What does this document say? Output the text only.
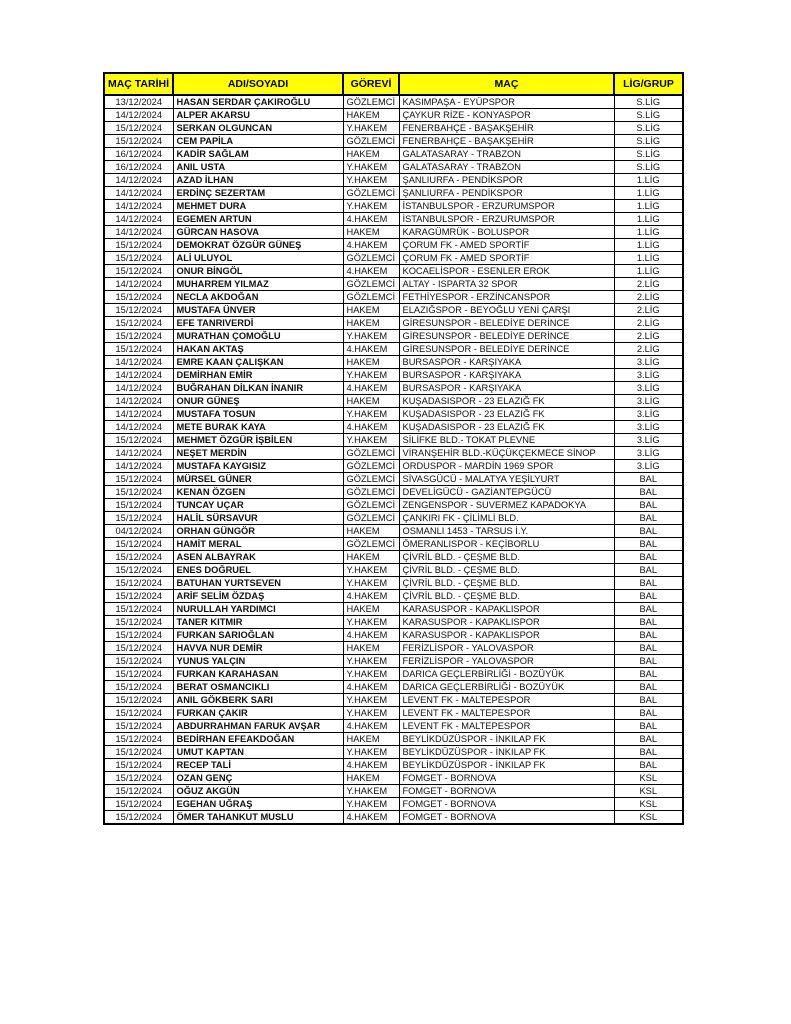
MAÇ TARİHİ	ADI/SOYADI	GÖREVİ	MAÇ	LİG/GRUP
13/12/2024	HASAN SERDAR ÇAKIROĞLU	GÖZLEMCİ	KASIMPAŞA - EYÜPSPOR	S.LİG
14/12/2024	ALPER AKARSU	HAKEM	ÇAYKUR RİZE - KONYASPOR	S.LİG
15/12/2024	SERKAN OLGUNCAN	Y.HAKEM	FENERBAHÇE - BAŞAKŞEHİR	S.LİG
15/12/2024	CEM PAPİLA	GÖZLEMCİ	FENERBAHÇE - BAŞAKŞEHİR	S.LİG
16/12/2024	KADİR SAĞLAM	HAKEM	GALATASARAY - TRABZON	S.LİG
16/12/2024	ANIL USTA	Y.HAKEM	GALATASARAY - TRABZON	S.LİG
14/12/2024	AZAD İLHAN	Y.HAKEM	ŞANLIURFA - PENDİKSPOR	1.LİG
14/12/2024	ERDİNÇ SEZERTAM	GÖZLEMCİ	ŞANLIURFA - PENDİKSPOR	1.LİG
14/12/2024	MEHMET DURA	Y.HAKEM	İSTANBULSPOR - ERZURUMSPOR	1.LİG
14/12/2024	EGEMEN ARTUN	4.HAKEM	İSTANBULSPOR - ERZURUMSPOR	1.LİG
14/12/2024	GÜRCAN HASOVA	HAKEM	KARAGÜMRÜK - BOLUSPOR	1.LİG
15/12/2024	DEMOKRAT ÖZGÜR GÜNEŞ	4.HAKEM	ÇORUM FK - AMED SPORTİF	1.LİG
15/12/2024	ALİ ULUYOL	GÖZLEMCİ	ÇORUM FK - AMED SPORTİF	1.LİG
15/12/2024	ONUR BİNGÖL	4.HAKEM	KOCAELİSPOR - ESENLER EROK	1.LİG
14/12/2024	MUHARREM YILMAZ	GÖZLEMCİ	ALTAY - ISPARTA 32 SPOR	2.LİG
15/12/2024	NECLA AKDOĞAN	GÖZLEMCİ	FETHİYESPOR - ERZİNCANSPOR	2.LİG
15/12/2024	MUSTAFA ÜNVER	HAKEM	ELAZIĞSPOR - BEYOĞLU YENİ ÇARŞI	2.LİG
15/12/2024	EFE TANRIVERDİ	HAKEM	GİRESUNSPOR - BELEDİYE DERİNCE	2.LİG
15/12/2024	MURATHAN ÇOMOĞLU	Y.HAKEM	GİRESUNSPOR - BELEDİYE DERİNCE	2.LİG
15/12/2024	HAKAN AKTAŞ	4.HAKEM	GİRESUNSPOR - BELEDİYE DERİNCE	2.LİG
14/12/2024	EMRE KAAN ÇALIŞKAN	HAKEM	BURSASPOR - KARŞIYAKA	3.LİG
14/12/2024	DEMİRHAN EMİR	Y.HAKEM	BURSASPOR - KARŞIYAKA	3.LİG
14/12/2024	BUĞRAHAN DİLKAN İNANIR	4.HAKEM	BURSASPOR - KARŞIYAKA	3.LİG
14/12/2024	ONUR GÜNEŞ	HAKEM	KUŞADASISPOR - 23 ELAZIĞ FK	3.LİG
14/12/2024	MUSTAFA TOSUN	Y.HAKEM	KUŞADASISPOR - 23 ELAZIĞ FK	3.LİG
14/12/2024	METE BURAK KAYA	4.HAKEM	KUŞADASISPOR - 23 ELAZIĞ FK	3.LİG
15/12/2024	MEHMET ÖZGÜR İŞBİLEN	Y.HAKEM	SİLİFKE BLD.- TOKAT PLEVNE	3.LİG
14/12/2024	NEŞET MERDİN	GÖZLEMCİ	VİRANŞEHİR BLD.-KÜÇÜKÇEKMECE SİNOP	3.LİG
14/12/2024	MUSTAFA KAYGISIZ	GÖZLEMCİ	ORDUSPOR - MARDİN 1969 SPOR	3.LİG
15/12/2024	MÜRSEL GÜNER	GÖZLEMCİ	SİVASGÜCÜ - MALATYA YEŞİLYURT	BAL
15/12/2024	KENAN ÖZGEN	GÖZLEMCİ	DEVELİGÜCÜ - GAZİANTEPGÜCÜ	BAL
15/12/2024	TUNCAY UÇAR	GÖZLEMCİ	ZENGENSPOR - SUVERMEZ KAPADOKYA	BAL
15/12/2024	HALİL SÜRSAVUR	GÖZLEMCİ	ÇANKIRI FK - ÇİLİMLİ BLD.	BAL
04/12/2024	ORHAN GÜNGÖR	HAKEM	OSMANLI 1453 - TARSUS İ.Y.	BAL
15/12/2024	HAMİT MERAL	GÖZLEMCİ	ÖMERANLISPOR - KEÇİBORLU	BAL
15/12/2024	ASEN ALBAYRAK	HAKEM	ÇİVRİL BLD. - ÇEŞME BLD.	BAL
15/12/2024	ENES DOĞRUEL	Y.HAKEM	ÇİVRİL BLD. - ÇEŞME BLD.	BAL
15/12/2024	BATUHAN YURTSEVEN	Y.HAKEM	ÇİVRİL BLD. - ÇEŞME BLD.	BAL
15/12/2024	ARİF SELİM ÖZDAŞ	4.HAKEM	ÇİVRİL BLD. - ÇEŞME BLD.	BAL
15/12/2024	NURULLAH YARDIMCI	HAKEM	KARASUSPOR - KAPAKLISPOR	BAL
15/12/2024	TANER KITMIR	Y.HAKEM	KARASUSPOR - KAPAKLISPOR	BAL
15/12/2024	FURKAN SARIOĞLAN	4.HAKEM	KARASUSPOR - KAPAKLISPOR	BAL
15/12/2024	HAVVA NUR DEMİR	HAKEM	FERİZLİSPOR - YALOVASPOR	BAL
15/12/2024	YUNUS YALÇIN	Y.HAKEM	FERİZLİSPOR - YALOVASPOR	BAL
15/12/2024	FURKAN KARAHASAN	Y.HAKEM	DARICA GEÇLERBİRLİĞİ - BOZÜYÜK	BAL
15/12/2024	BERAT OSMANCIKLI	4.HAKEM	DARICA GEÇLERBİRLİĞİ - BOZÜYÜK	BAL
15/12/2024	ANIL GÖKBERK SARI	Y.HAKEM	LEVENT FK - MALTEPESPOR	BAL
15/12/2024	FURKAN ÇAKIR	Y.HAKEM	LEVENT FK - MALTEPESPOR	BAL
15/12/2024	ABDURRAHMAN FARUK AVŞAR	4.HAKEM	LEVENT FK - MALTEPESPOR	BAL
15/12/2024	BEDİRHAN EFEAKDOĞAN	HAKEM	BEYLİKDÜZÜSPOR - İNKILAP FK	BAL
15/12/2024	UMUT KAPTAN	Y.HAKEM	BEYLİKDÜZÜSPOR - İNKILAP FK	BAL
15/12/2024	RECEP TALİ	4.HAKEM	BEYLİKDÜZÜSPOR - İNKILAP FK	BAL
15/12/2024	OZAN GENÇ	HAKEM	FOMGET - BORNOVA	KSL
15/12/2024	OĞUZ AKGÜN	Y.HAKEM	FOMGET - BORNOVA	KSL
15/12/2024	EGEHAN UĞRAŞ	Y.HAKEM	FOMGET - BORNOVA	KSL
15/12/2024	ÖMER TAHANKUT MUSLU	4.HAKEM	FOMGET - BORNOVA	KSL
